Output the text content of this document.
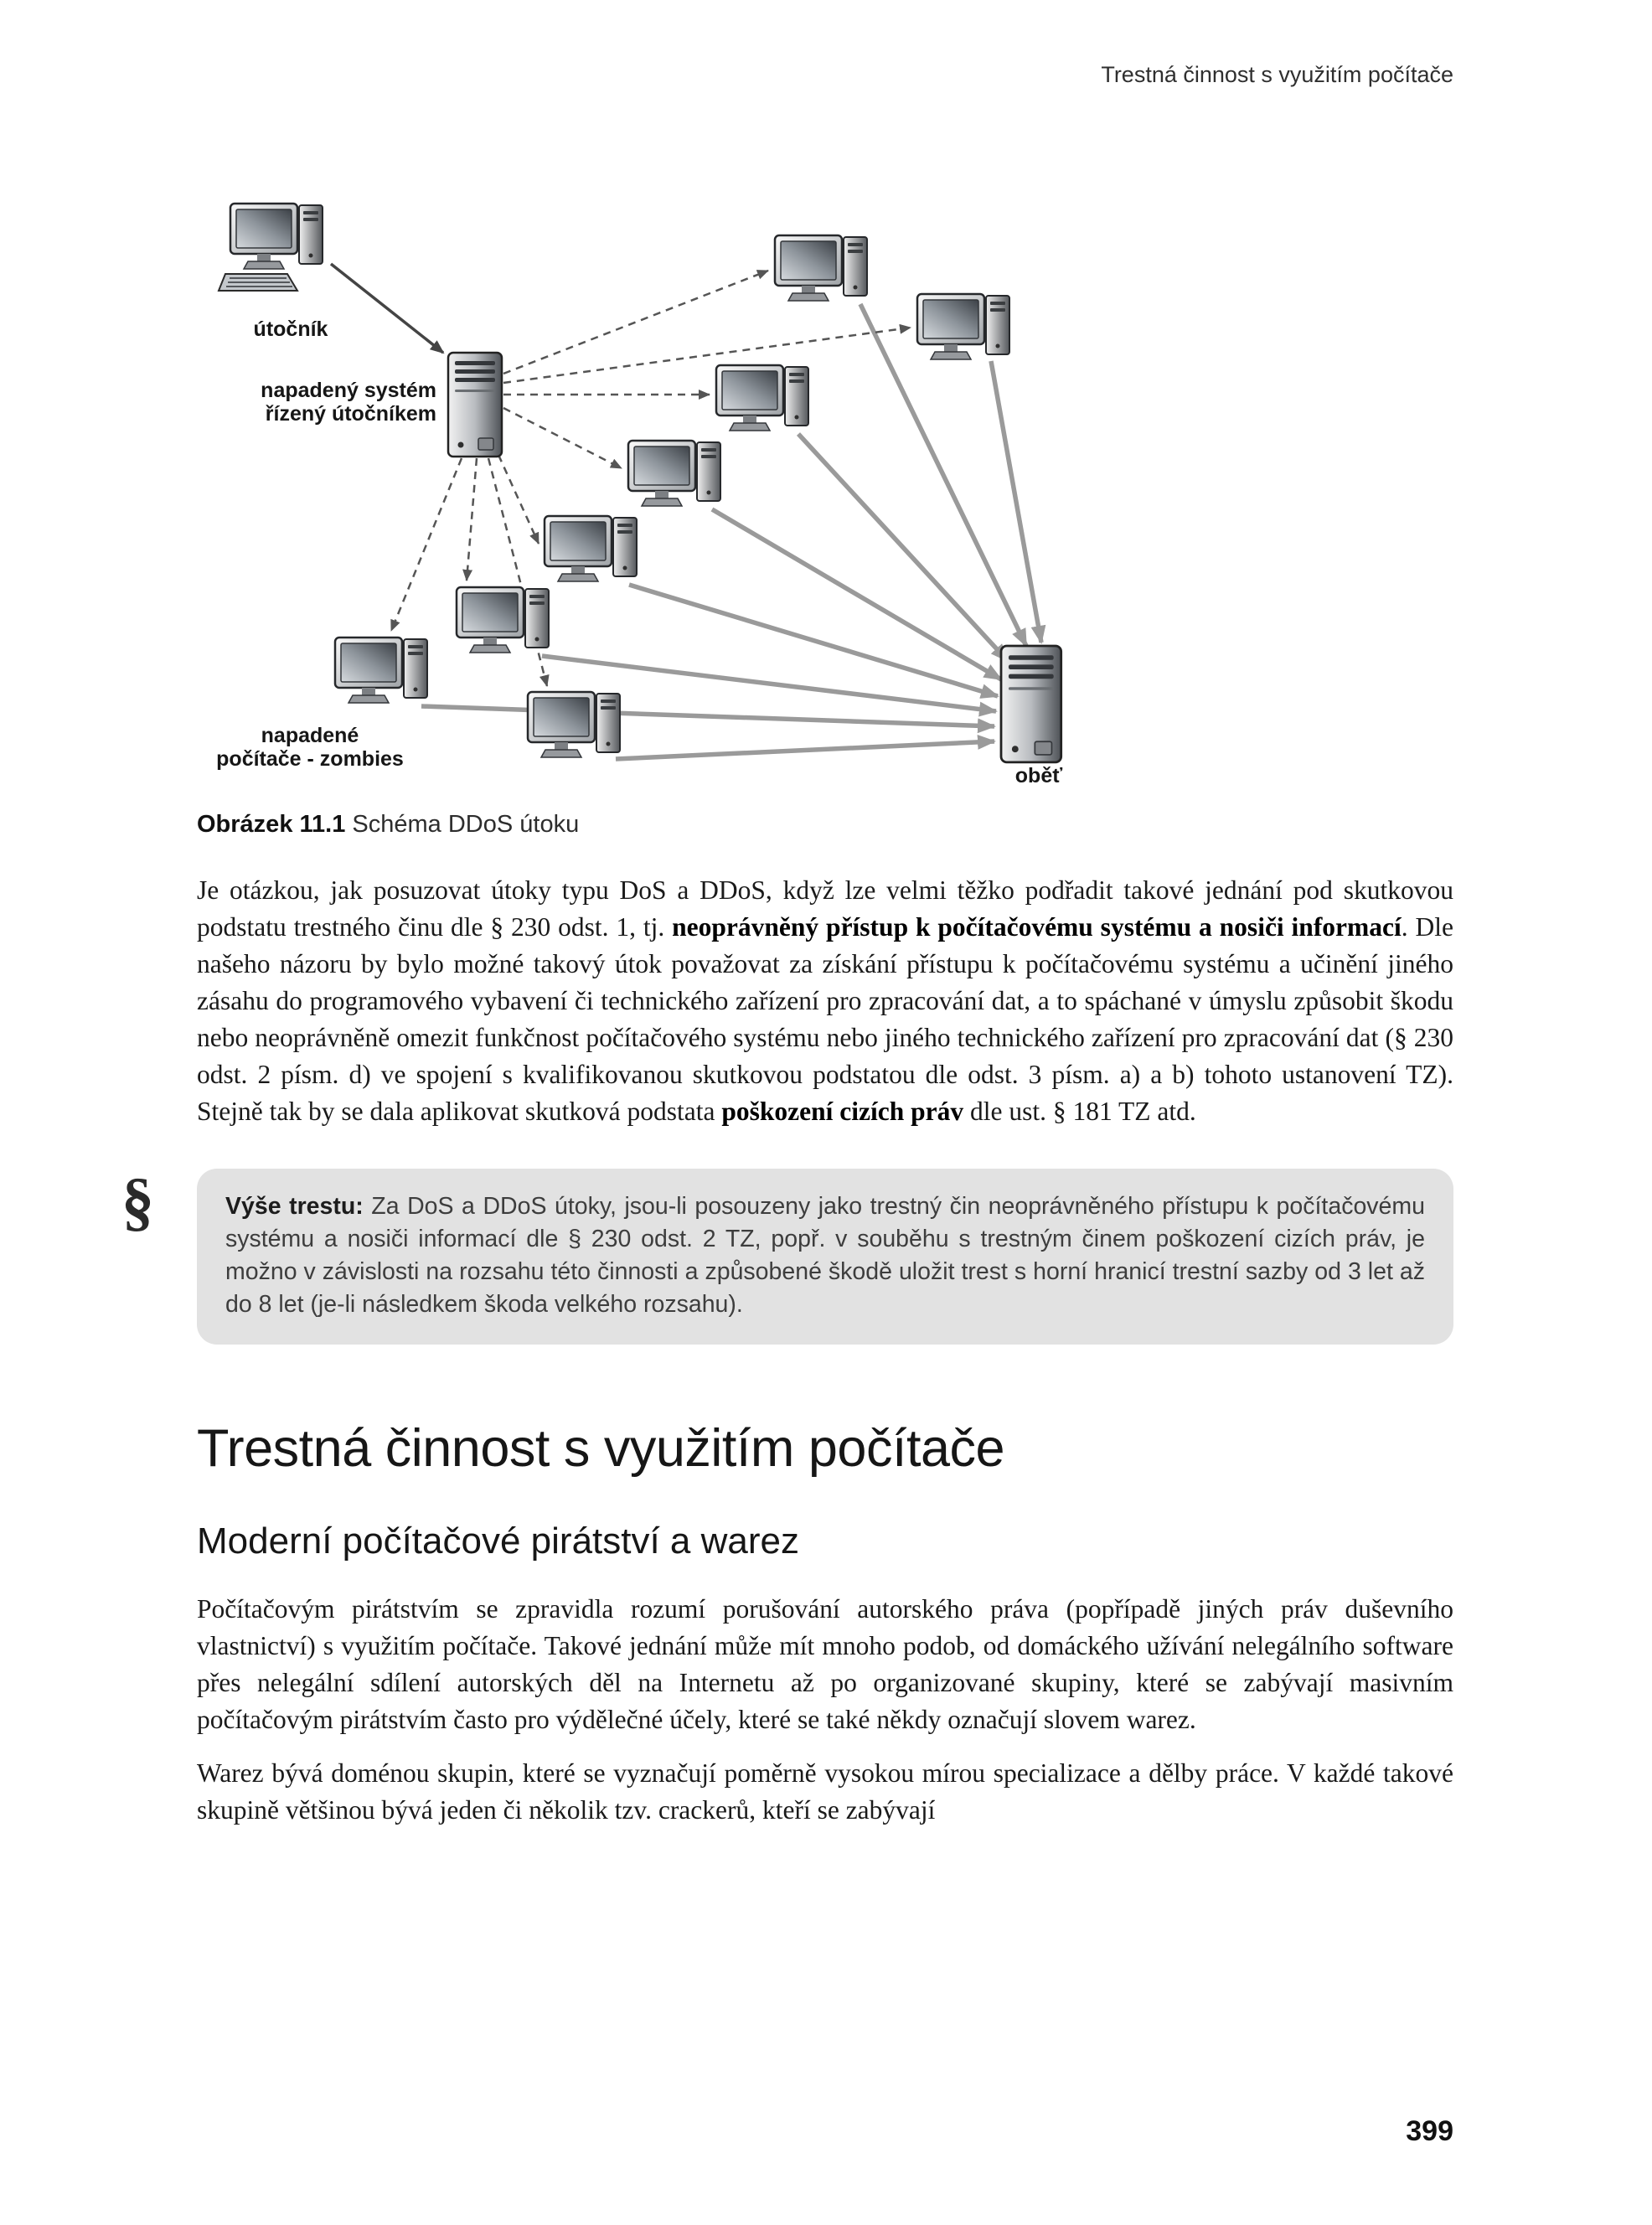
Trestná činnost s využitím počítače
útočník
napadený systém
řízený útočníkem
napadené
počítače - zombies
oběť
Obrázek 11.1 Schéma DDoS útoku

Je otázkou, jak posuzovat útoky typu DoS a DDoS, když lze velmi těžko podřadit takové jednání pod skutkovou podstatu trestného činu dle § 230 odst. 1, tj. neoprávněný přístup k počítačovému systému a nosiči informací. Dle našeho názoru by bylo možné takový útok považovat za získání přístupu k počítačovému systému a učinění jiného zásahu do programového vybavení či technického zařízení pro zpracování dat, a to spáchané v úmyslu způsobit škodu nebo neoprávněně omezit funkčnost počítačového systému nebo jiného technického zařízení pro zpracování dat (§ 230 odst. 2 písm. d) ve spojení s kvalifikovanou skutkovou podstatou dle odst. 3 písm. a) a b) tohoto ustanovení TZ). Stejně tak by se dala aplikovat skutková podstata poškození cizích práv dle ust. § 181 TZ atd.

§	Výše trestu: Za DoS a DDoS útoky, jsou-li posouzeny jako trestný čin neoprávněného přístupu k počítačovému systému a nosiči informací dle § 230 odst. 2 TZ, popř. v souběhu s trestným činem poškození cizích práv, je možno v závislosti na rozsahu této činnosti a způsobené škodě uložit trest s horní hranicí trestní sazby od 3 let až do 8 let (je-li následkem škoda velkého rozsahu).
Trestná činnost s využitím počítače
Moderní počítačové pirátství a warez

Počítačovým pirátstvím se zpravidla rozumí porušování autorského práva (popřípadě jiných práv duševního vlastnictví) s využitím počítače. Takové jednání může mít mnoho podob, od domáckého užívání nelegálního software přes nelegální sdílení autorských děl na Internetu až po organizované skupiny, které se zabývají masivním počítačovým pirátstvím často pro výdělečné účely, které se také někdy označují slovem warez.

Warez bývá doménou skupin, které se vyznačují poměrně vysokou mírou specializace a dělby práce. V každé takové skupině většinou bývá jeden či několik tzv. crackerů, kteří se zabývají

399
